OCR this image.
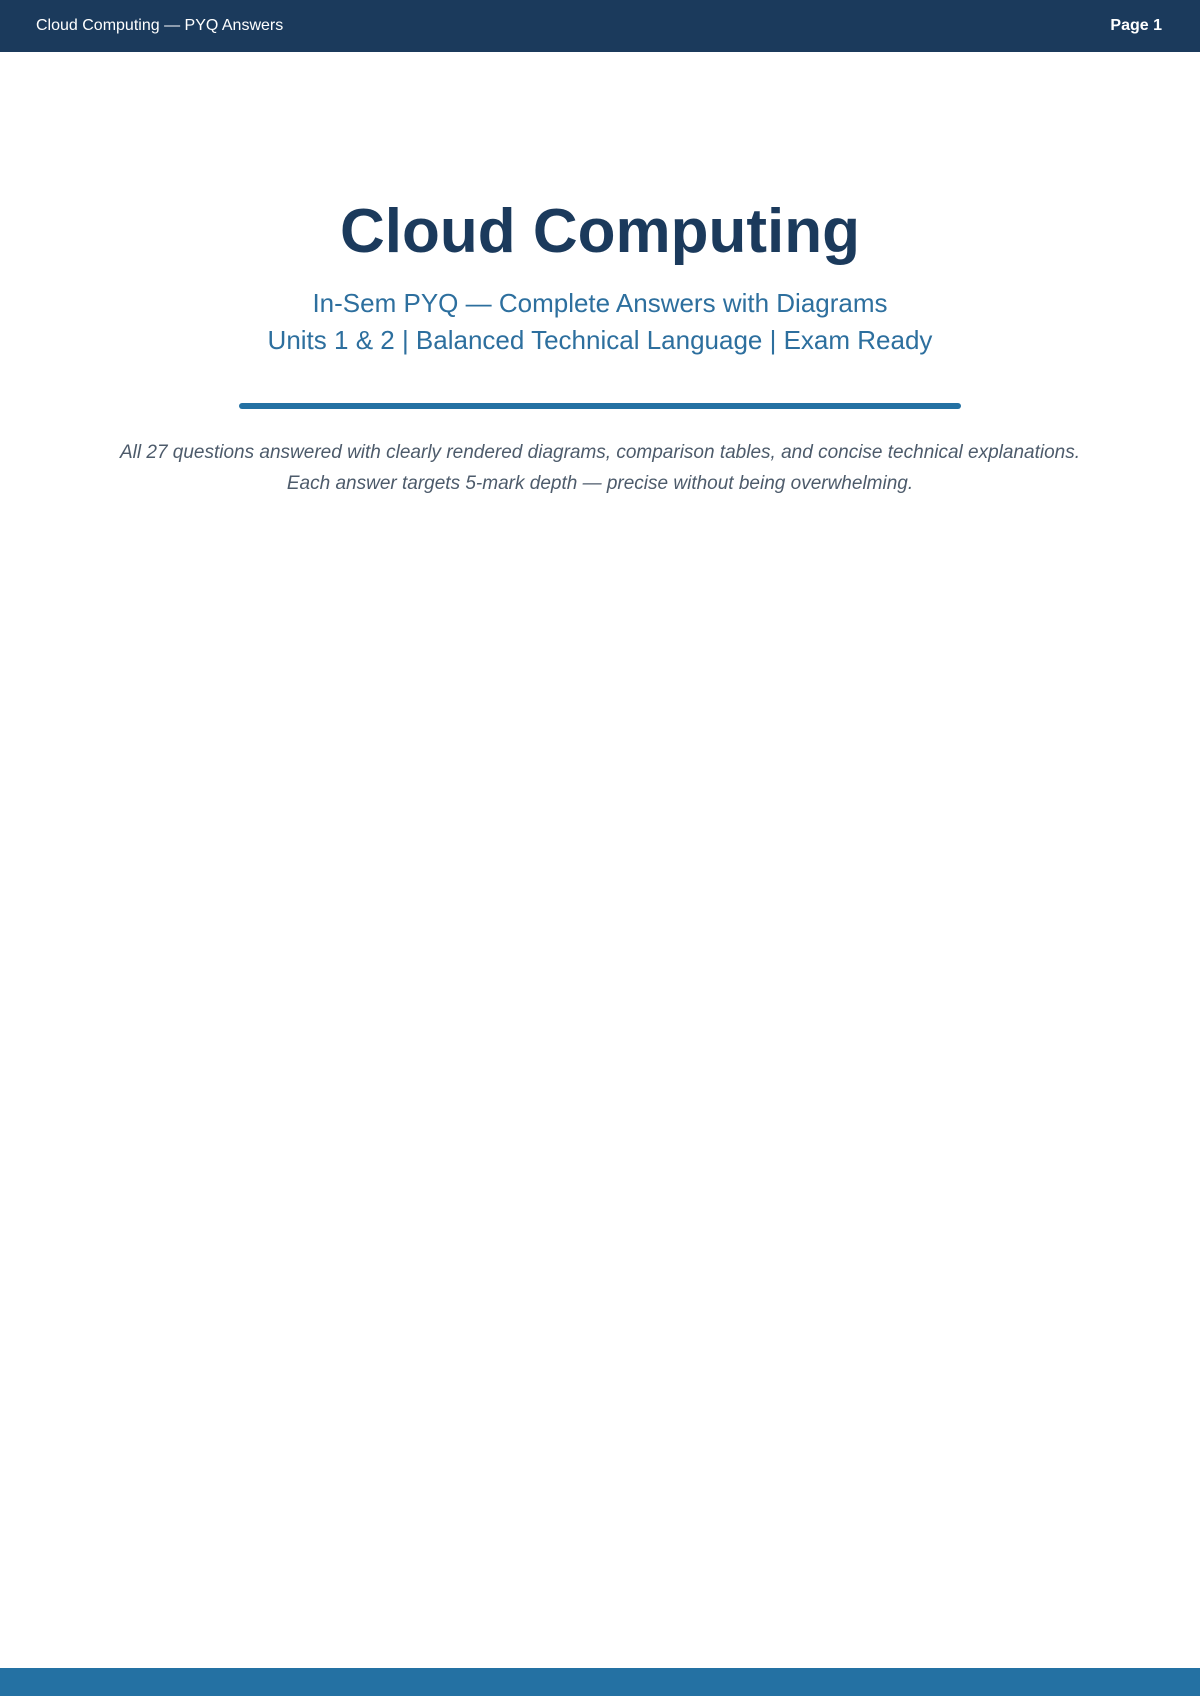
Cloud Computing — PYQ Answers	Page 1
Cloud Computing
In-Sem PYQ — Complete Answers with Diagrams
Units 1 & 2 | Balanced Technical Language | Exam Ready
All 27 questions answered with clearly rendered diagrams, comparison tables, and concise technical explanations.
Each answer targets 5-mark depth — precise without being overwhelming.
